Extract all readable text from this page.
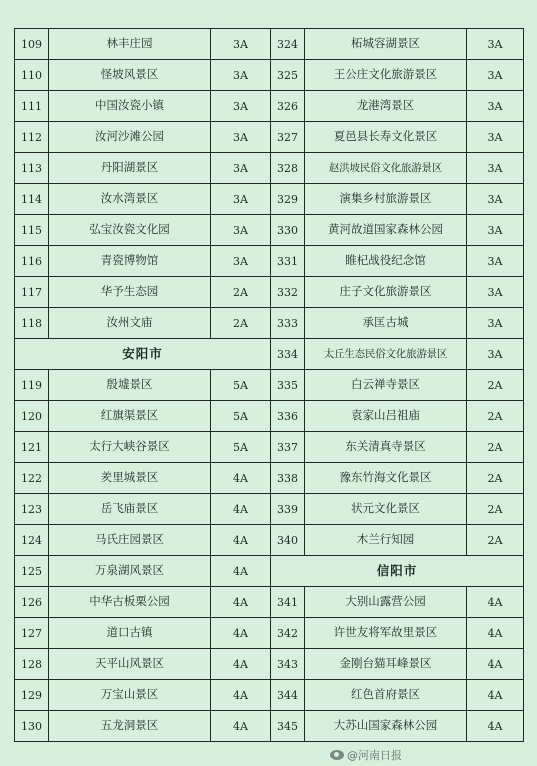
109	林丰庄园	3A	324	柘城容湖景区	3A
110	怪坡风景区	3A	325	王公庄文化旅游景区	3A
111	中国汝瓷小镇	3A	326	龙港湾景区	3A
112	汝河沙滩公园	3A	327	夏邑县长寿文化景区	3A
113	丹阳湖景区	3A	328	赵洪坡民俗文化旅游景区	3A
114	汝水湾景区	3A	329	演集乡村旅游景区	3A
115	弘宝汝瓷文化园	3A	330	黄河故道国家森林公园	3A
116	青瓷博物馆	3A	331	睢杞战役纪念馆	3A
117	华予生态园	2A	332	庄子文化旅游景区	3A
118	汝州文庙	2A	333	承匡古城	3A
安阳市			334	太丘生态民俗文化旅游景区	3A
119	殷墟景区	5A	335	白云禅寺景区	2A
120	红旗渠景区	5A	336	袁家山吕祖庙	2A
121	太行大峡谷景区	5A	337	东关清真寺景区	2A
122	羑里城景区	4A	338	豫东竹海文化景区	2A
123	岳飞庙景区	4A	339	状元文化景区	2A
124	马氏庄园景区	4A	340	木兰行知园	2A
125	万泉湖风景区	4A	信阳市		
126	中华古板栗公园	4A	341	大别山露营公园	4A
127	道口古镇	4A	342	许世友将军故里景区	4A
128	天平山风景区	4A	343	金刚台猫耳峰景区	4A
129	万宝山景区	4A	344	红色首府景区	4A
130	五龙洞景区	4A	345	大苏山国家森林公园	4A
@河南日报
